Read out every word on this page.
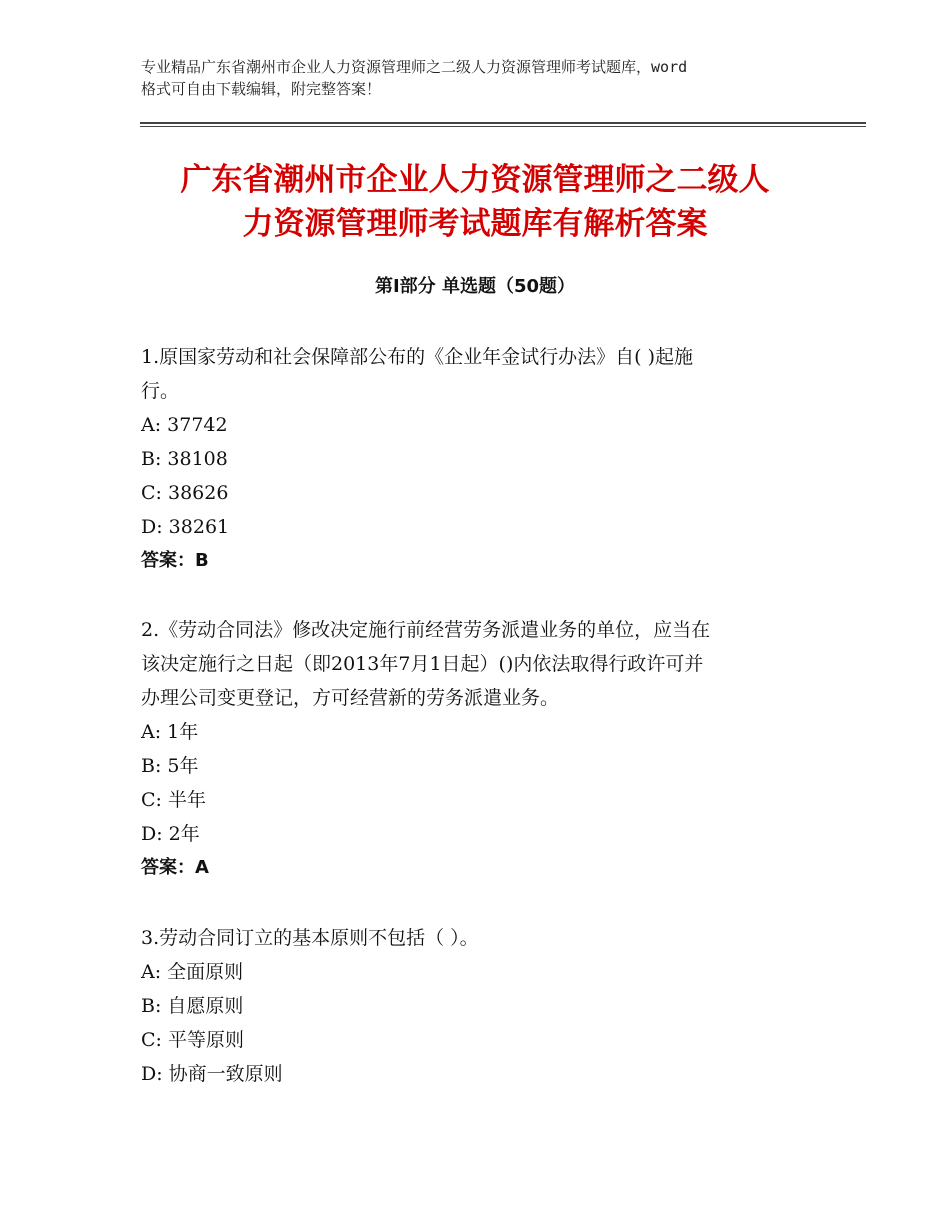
专业精品广东省潮州市企业人力资源管理师之二级人力资源管理师考试题库，word
格式可自由下载编辑，附完整答案！
广东省潮州市企业人力资源管理师之二级人
力资源管理师考试题库有解析答案
第Ⅰ部分 单选题（50题）

1.原国家劳动和社会保障部公布的《企业年金试行办法》自( )起施

行。

A: 37742

B: 38108

C: 38626

D: 38261

答案：B

2.《劳动合同法》修改决定施行前经营劳务派遣业务的单位，应当在

该决定施行之日起（即2013年7月1日起）()内依法取得行政许可并

办理公司变更登记，方可经营新的劳务派遣业务。

A: 1年

B: 5年

C: 半年

D: 2年

答案：A

3.劳动合同订立的基本原则不包括（ ）。

A: 全面原则

B: 自愿原则

C: 平等原则

D: 协商一致原则
